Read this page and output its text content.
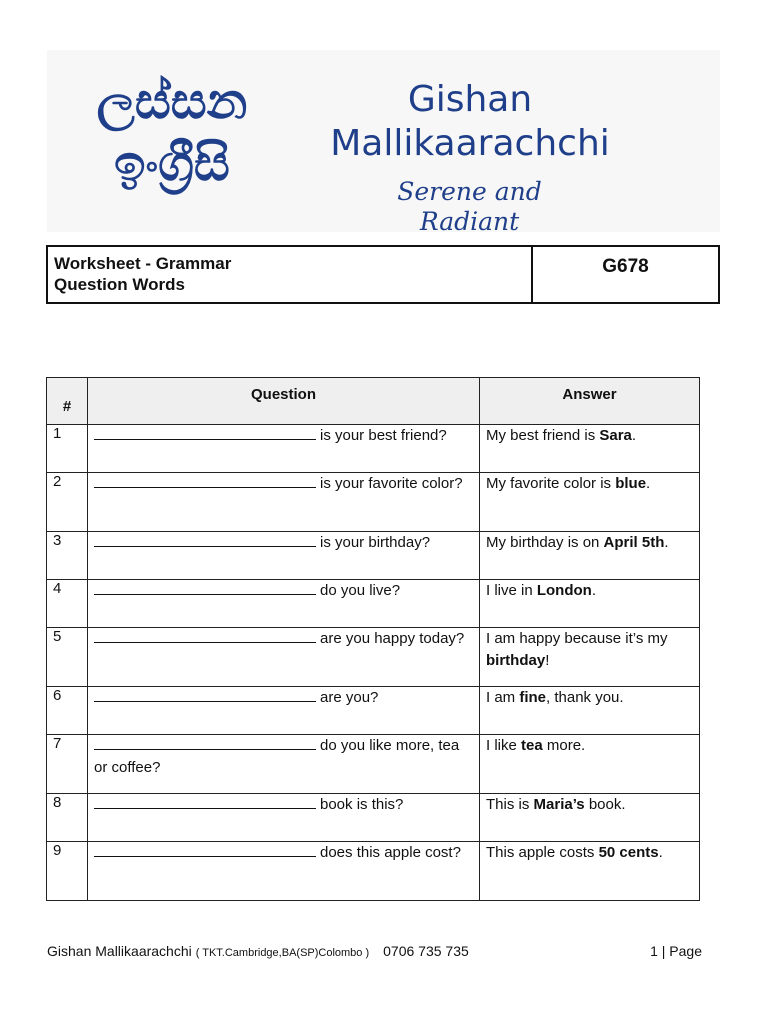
ලස්සන
ඉංග්‍රීසි
Gishan
Mallikaarachchi
Serene and Radiant
Worksheet - Grammar
Question Words
G678
#	Question	Answer
1	is your best friend?	My best friend is Sara.
2	is your favorite color?	My favorite color is blue.
3	is your birthday?	My birthday is on April 5th.
4	do you live?	I live in London.
5	are you happy today?	I am happy because it’s my birthday!
6	are you?	I am fine, thank you.
7	do you like more, tea or coffee?	I like tea more.
8	book is this?	This is Maria’s book.
9	does this apple cost?	This apple costs 50 cents.
Gishan Mallikaarachchi ( TKT.Cambridge,BA(SP)Colombo ) 0706 735 735	1 | Page
